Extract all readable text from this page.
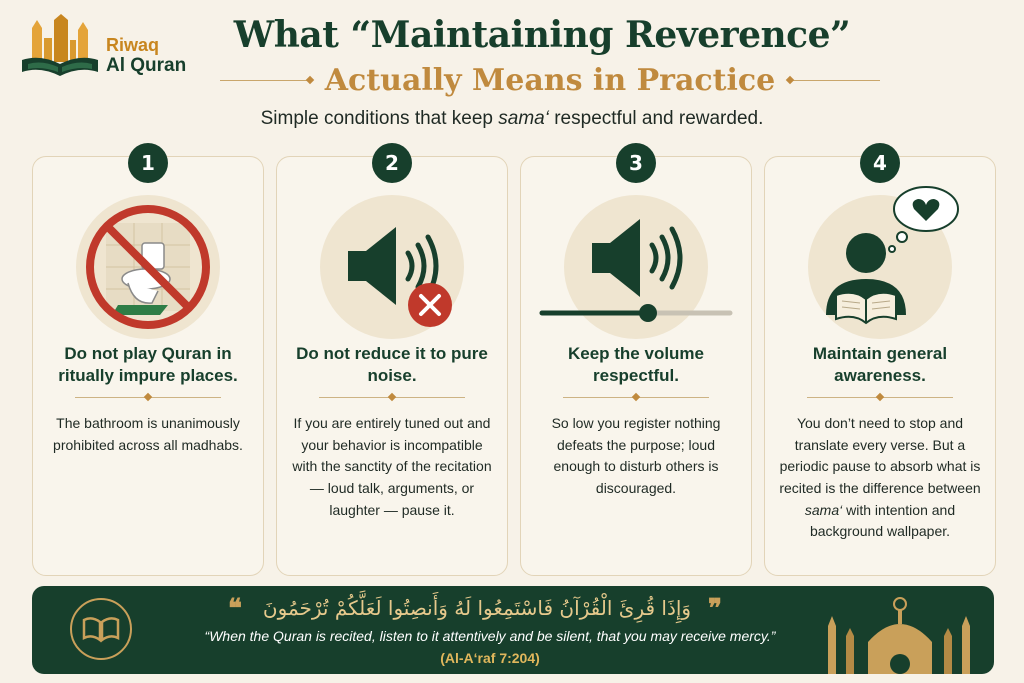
Riwaq
Al Quran
What “Maintaining Reverence”
Actually Means in Practice
Simple conditions that keep sama‘ respectful and rewarded.
1
Do not play Quran in ritually impure places.
The bathroom is unanimously prohibited across all madhabs.
2
Do not reduce it to pure noise.
If you are entirely tuned out and your behavior is incompatible with the sanctity of the recitation — loud talk, arguments, or laughter — pause it.
3
Keep the volume respectful.
So low you register nothing defeats the purpose; loud enough to disturb others is discouraged.
4
Maintain general awareness.
You don’t need to stop and translate every verse. But a periodic pause to absorb what is recited is the difference between sama‘ with intention and background wallpaper.
❝	وَإِذَا قُرِئَ الْقُرْآنُ فَاسْتَمِعُوا لَهُ وَأَنصِتُوا لَعَلَّكُمْ تُرْحَمُونَ ❞
“When the Quran is recited, listen to it attentively and be silent, that you may receive mercy.”
(Al-A‘raf 7:204)
